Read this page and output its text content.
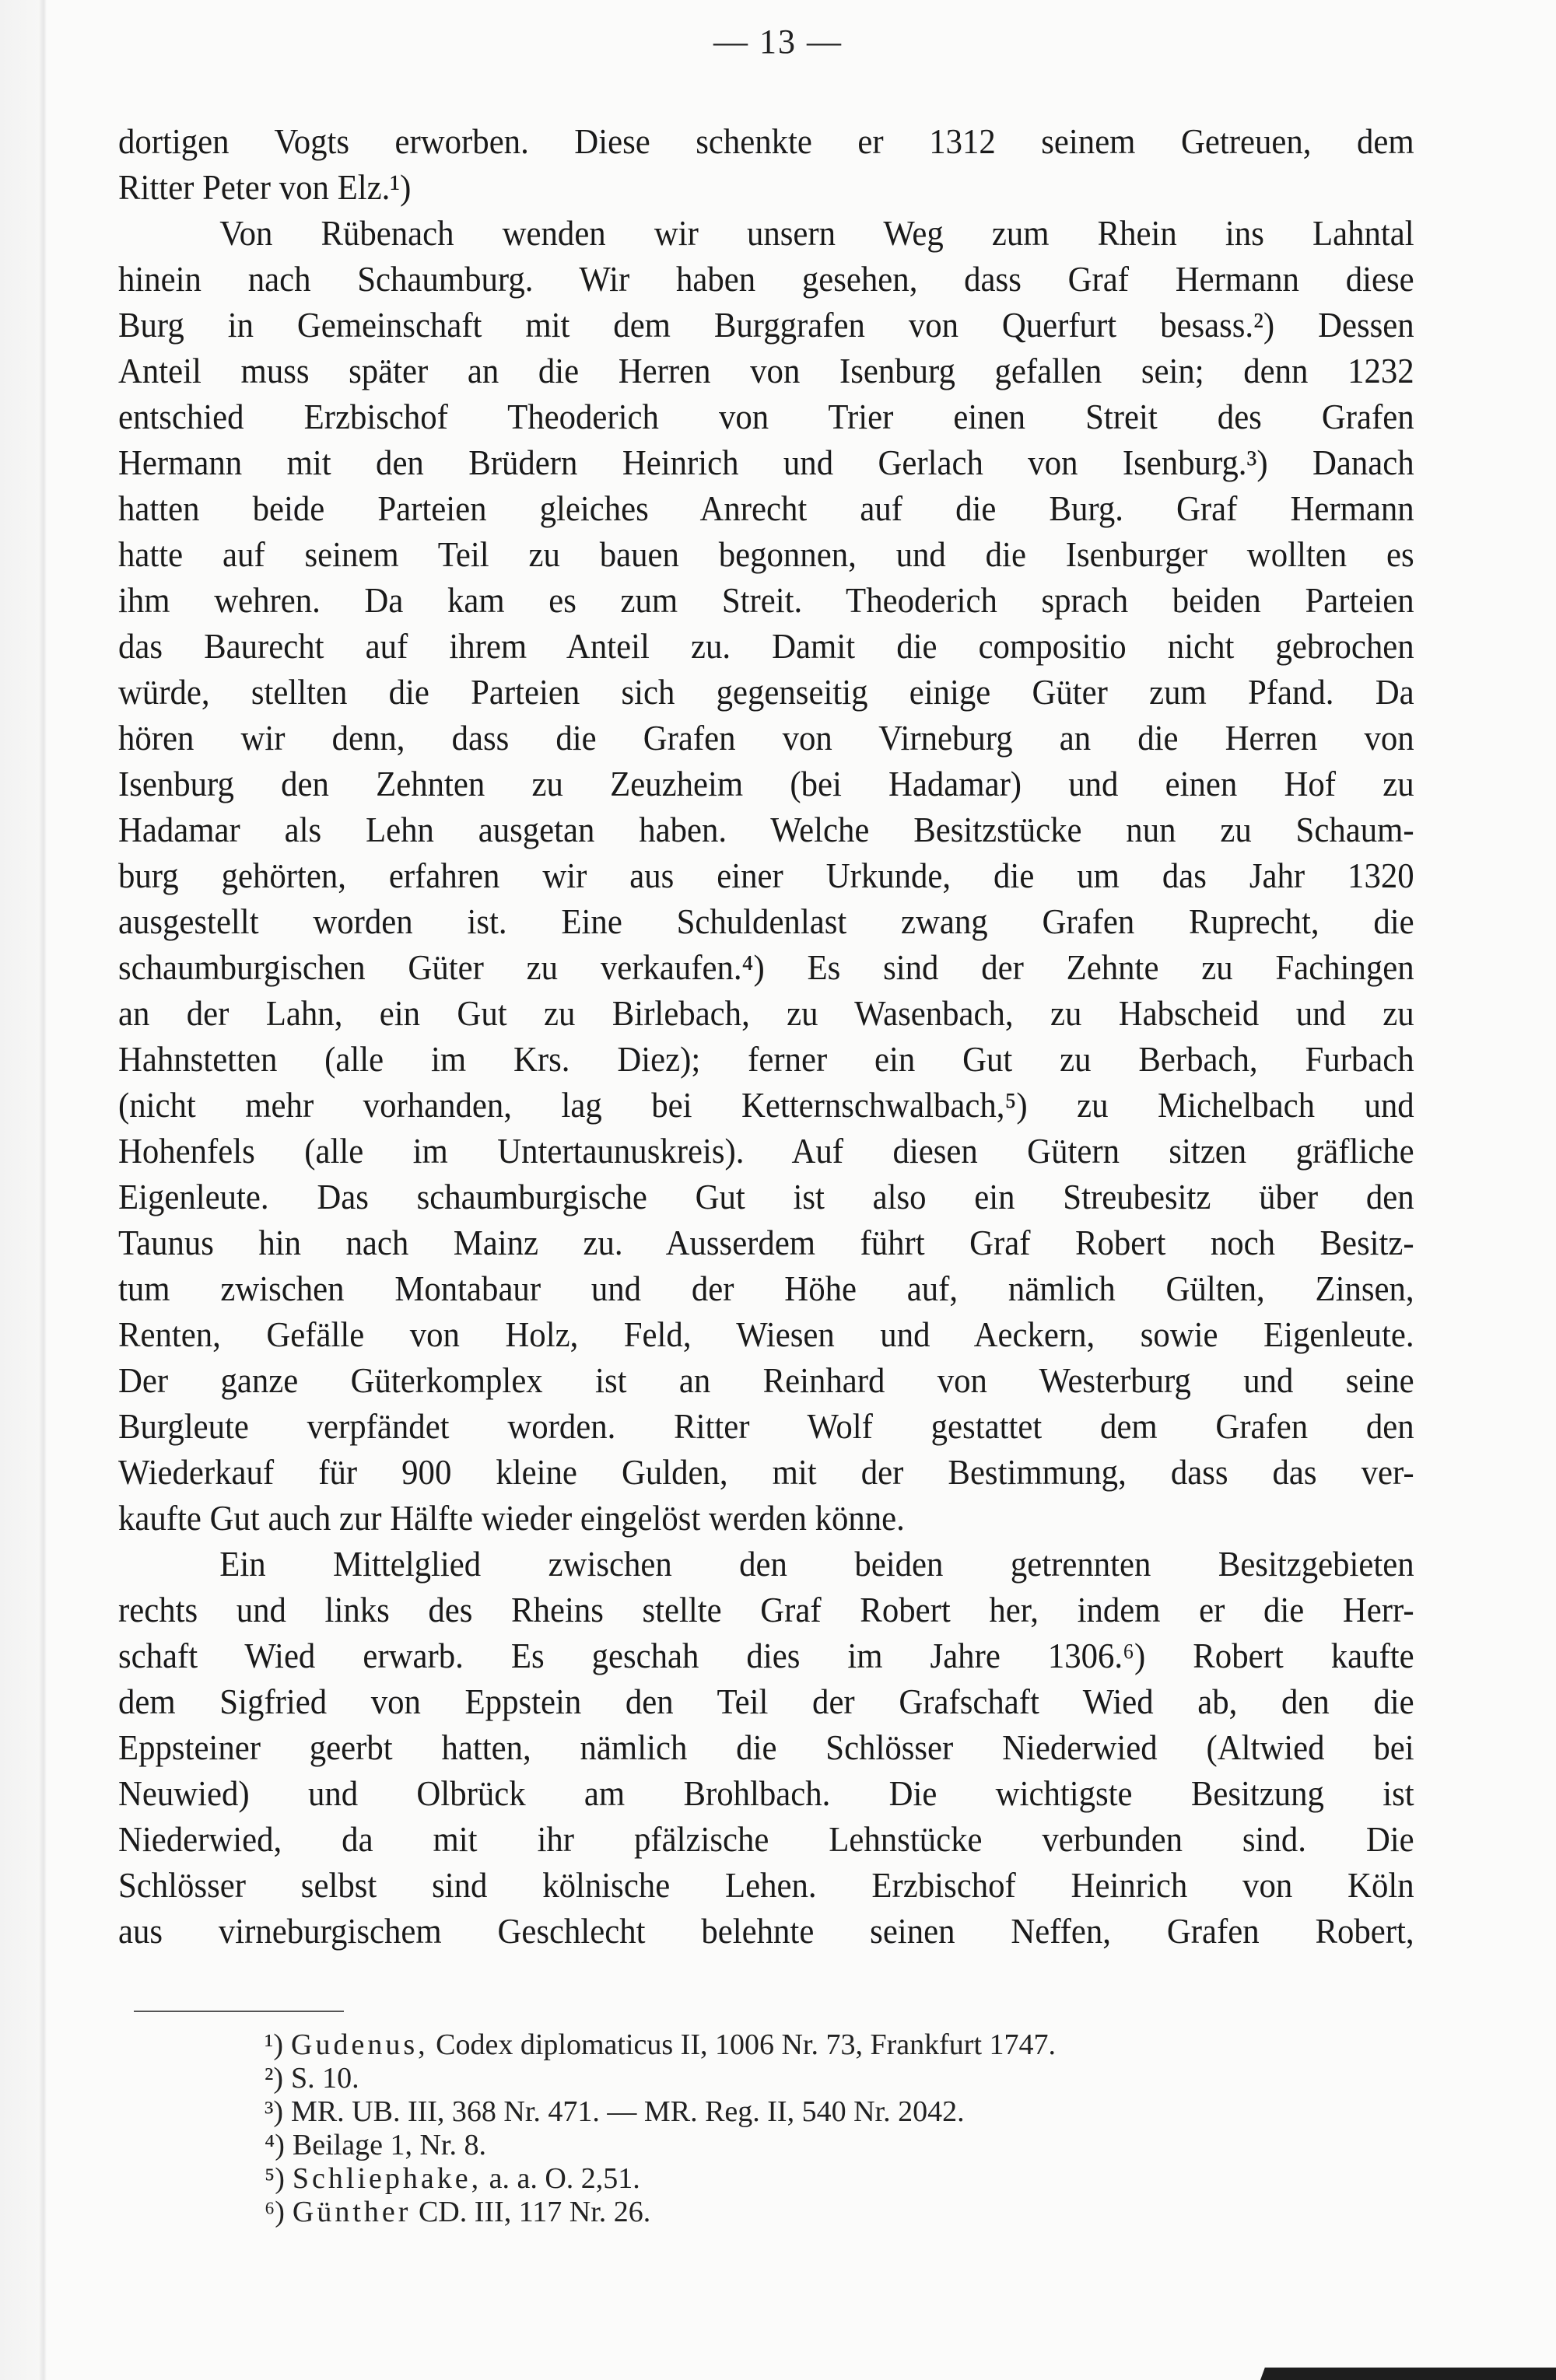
— 13 —
dortigen Vogts erworben. Diese schenkte er 1312 seinem Getreuen, dem
Ritter Peter von Elz.¹)
Von Rübenach wenden wir unsern Weg zum Rhein ins Lahntal
hinein nach Schaumburg. Wir haben gesehen, dass Graf Hermann diese
Burg in Gemeinschaft mit dem Burggrafen von Querfurt besass.²) Dessen
Anteil muss später an die Herren von Isenburg gefallen sein; denn 1232
entschied Erzbischof Theoderich von Trier einen Streit des Grafen
Hermann mit den Brüdern Heinrich und Gerlach von Isenburg.³) Danach
hatten beide Parteien gleiches Anrecht auf die Burg. Graf Hermann
hatte auf seinem Teil zu bauen begonnen, und die Isenburger wollten es
ihm wehren. Da kam es zum Streit. Theoderich sprach beiden Parteien
das Baurecht auf ihrem Anteil zu. Damit die compositio nicht gebrochen
würde, stellten die Parteien sich gegenseitig einige Güter zum Pfand. Da
hören wir denn, dass die Grafen von Virneburg an die Herren von
Isenburg den Zehnten zu Zeuzheim (bei Hadamar) und einen Hof zu
Hadamar als Lehn ausgetan haben. Welche Besitzstücke nun zu Schaum-
burg gehörten, erfahren wir aus einer Urkunde, die um das Jahr 1320
ausgestellt worden ist. Eine Schuldenlast zwang Grafen Ruprecht, die
schaumburgischen Güter zu verkaufen.⁴) Es sind der Zehnte zu Fachingen
an der Lahn, ein Gut zu Birlebach, zu Wasenbach, zu Habscheid und zu
Hahnstetten (alle im Krs. Diez); ferner ein Gut zu Berbach, Furbach
(nicht mehr vorhanden, lag bei Ketternschwalbach,⁵) zu Michelbach und
Hohenfels (alle im Untertaunuskreis). Auf diesen Gütern sitzen gräfliche
Eigenleute. Das schaumburgische Gut ist also ein Streubesitz über den
Taunus hin nach Mainz zu. Ausserdem führt Graf Robert noch Besitz-
tum zwischen Montabaur und der Höhe auf, nämlich Gülten, Zinsen,
Renten, Gefälle von Holz, Feld, Wiesen und Aeckern, sowie Eigenleute.
Der ganze Güterkomplex ist an Reinhard von Westerburg und seine
Burgleute verpfändet worden. Ritter Wolf gestattet dem Grafen den
Wiederkauf für 900 kleine Gulden, mit der Bestimmung, dass das ver-
kaufte Gut auch zur Hälfte wieder eingelöst werden könne.
Ein Mittelglied zwischen den beiden getrennten Besitzgebieten
rechts und links des Rheins stellte Graf Robert her, indem er die Herr-
schaft Wied erwarb. Es geschah dies im Jahre 1306.⁶) Robert kaufte
dem Sigfried von Eppstein den Teil der Grafschaft Wied ab, den die
Eppsteiner geerbt hatten, nämlich die Schlösser Niederwied (Altwied bei
Neuwied) und Olbrück am Brohlbach. Die wichtigste Besitzung ist
Niederwied, da mit ihr pfälzische Lehnstücke verbunden sind. Die
Schlösser selbst sind kölnische Lehen. Erzbischof Heinrich von Köln
aus virneburgischem Geschlecht belehnte seinen Neffen, Grafen Robert,
¹) Gudenus, Codex diplomaticus II, 1006 Nr. 73, Frankfurt 1747.
²) S. 10.
³) MR. UB. III, 368 Nr. 471. — MR. Reg. II, 540 Nr. 2042.
⁴) Beilage 1, Nr. 8.
⁵) Schliephake, a. a. O. 2,51.
⁶) Günther CD. III, 117 Nr. 26.
